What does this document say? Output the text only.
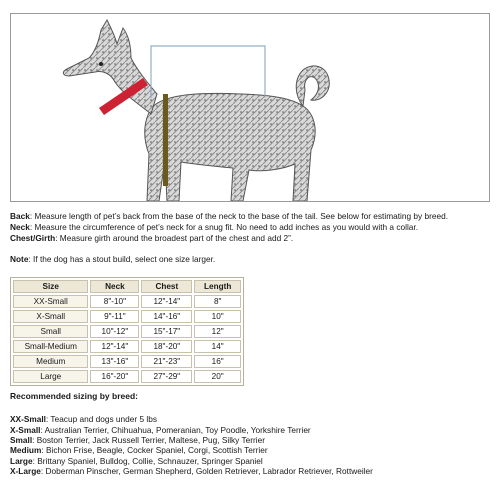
Back: Measure length of pet’s back from the base of the neck to the base of the tail. See below for estimating by breed.
Neck: Measure the circumference of pet’s neck for a snug fit. No need to add inches as you would with a collar.
Chest/Girth: Measure girth around the broadest part of the chest and add 2”.
Note: If the dog has a stout build, select one size larger.
Size	Neck	Chest	Length
XX-Small	8"-10"	12"-14"	8"
X-Small	9"-11"	14"-16"	10"
Small	10"-12"	15"-17"	12"
Small-Medium	12"-14"	18"-20"	14"
Medium	13"-16"	21"-23"	16"
Large	16"-20"	27"-29"	20"
Recommended sizing by breed:
XX-Small: Teacup and dogs under 5 lbs
X-Small: Australian Terrier, Chihuahua, Pomeranian, Toy Poodle, Yorkshire Terrier
Small: Boston Terrier, Jack Russell Terrier, Maltese, Pug, Silky Terrier
Medium: Bichon Frise, Beagle, Cocker Spaniel, Corgi, Scottish Terrier
Large: Brittany Spaniel, Bulldog, Collie, Schnauzer, Springer Spaniel
X-Large: Doberman Pinscher, German Shepherd, Golden Retriever, Labrador Retriever, Rottweiler
